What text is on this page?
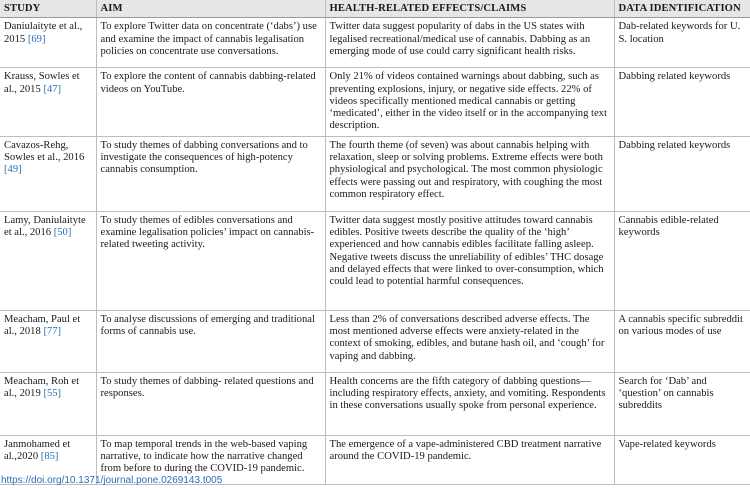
STUDY	AIM	HEALTH-RELATED EFFECTS/CLAIMS	DATA IDENTIFICATION
Daniulaityte et al., 2015 [69]	To explore Twitter data on concentrate (‘dabs’) use and examine the impact of cannabis legalisation policies on concentrate use conversations.	Twitter data suggest popularity of dabs in the US states with legalised recreational/medical use of cannabis. Dabbing as an emerging mode of use could carry significant health risks.	Dab-related keywords for U. S. location
Krauss, Sowles et al., 2015 [47]	To explore the content of cannabis dabbing-related videos on YouTube.	Only 21% of videos contained warnings about dabbing, such as preventing explosions, injury, or negative side effects. 22% of videos specifically mentioned medical cannabis or getting ‘medicated’, either in the video itself or in the accompanying text description.	Dabbing related keywords
Cavazos-Rehg, Sowles et al., 2016 [49]	To study themes of dabbing conversations and to investigate the consequences of high-potency cannabis consumption.	The fourth theme (of seven) was about cannabis helping with relaxation, sleep or solving problems. Extreme effects were both physiological and psychological. The most common physiologic effects were passing out and respiratory, with coughing the most common respiratory effect.	Dabbing related keywords
Lamy, Daniulaityte et al., 2016 [50]	To study themes of edibles conversations and examine legalisation policies’ impact on cannabis-related tweeting activity.	Twitter data suggest mostly positive attitudes toward cannabis edibles. Positive tweets describe the quality of the ‘high’ experienced and how cannabis edibles facilitate falling asleep. Negative tweets discuss the unreliability of edibles’ THC dosage and delayed effects that were linked to over-consumption, which could lead to potential harmful consequences.	Cannabis edible-related keywords
Meacham, Paul et al., 2018 [77]	To analyse discussions of emerging and traditional forms of cannabis use.	Less than 2% of conversations described adverse effects. The most mentioned adverse effects were anxiety-related in the context of smoking, edibles, and butane hash oil, and ‘cough’ for vaping and dabbing.	A cannabis specific subreddit on various modes of use
Meacham, Roh et al., 2019 [55]	To study themes of dabbing- related questions and responses.	Health concerns are the fifth category of dabbing questions—including respiratory effects, anxiety, and vomiting. Respondents in these conversations usually spoke from personal experience.	Search for ‘Dab’ and ‘question’ on cannabis subreddits
Janmohamed et al.,2020 [85]	To map temporal trends in the web-based vaping narrative, to indicate how the narrative changed from before to during the COVID-19 pandemic.	The emergence of a vape-administered CBD treatment narrative around the COVID-19 pandemic.	Vape-related keywords
https://doi.org/10.1371/journal.pone.0269143.t005
